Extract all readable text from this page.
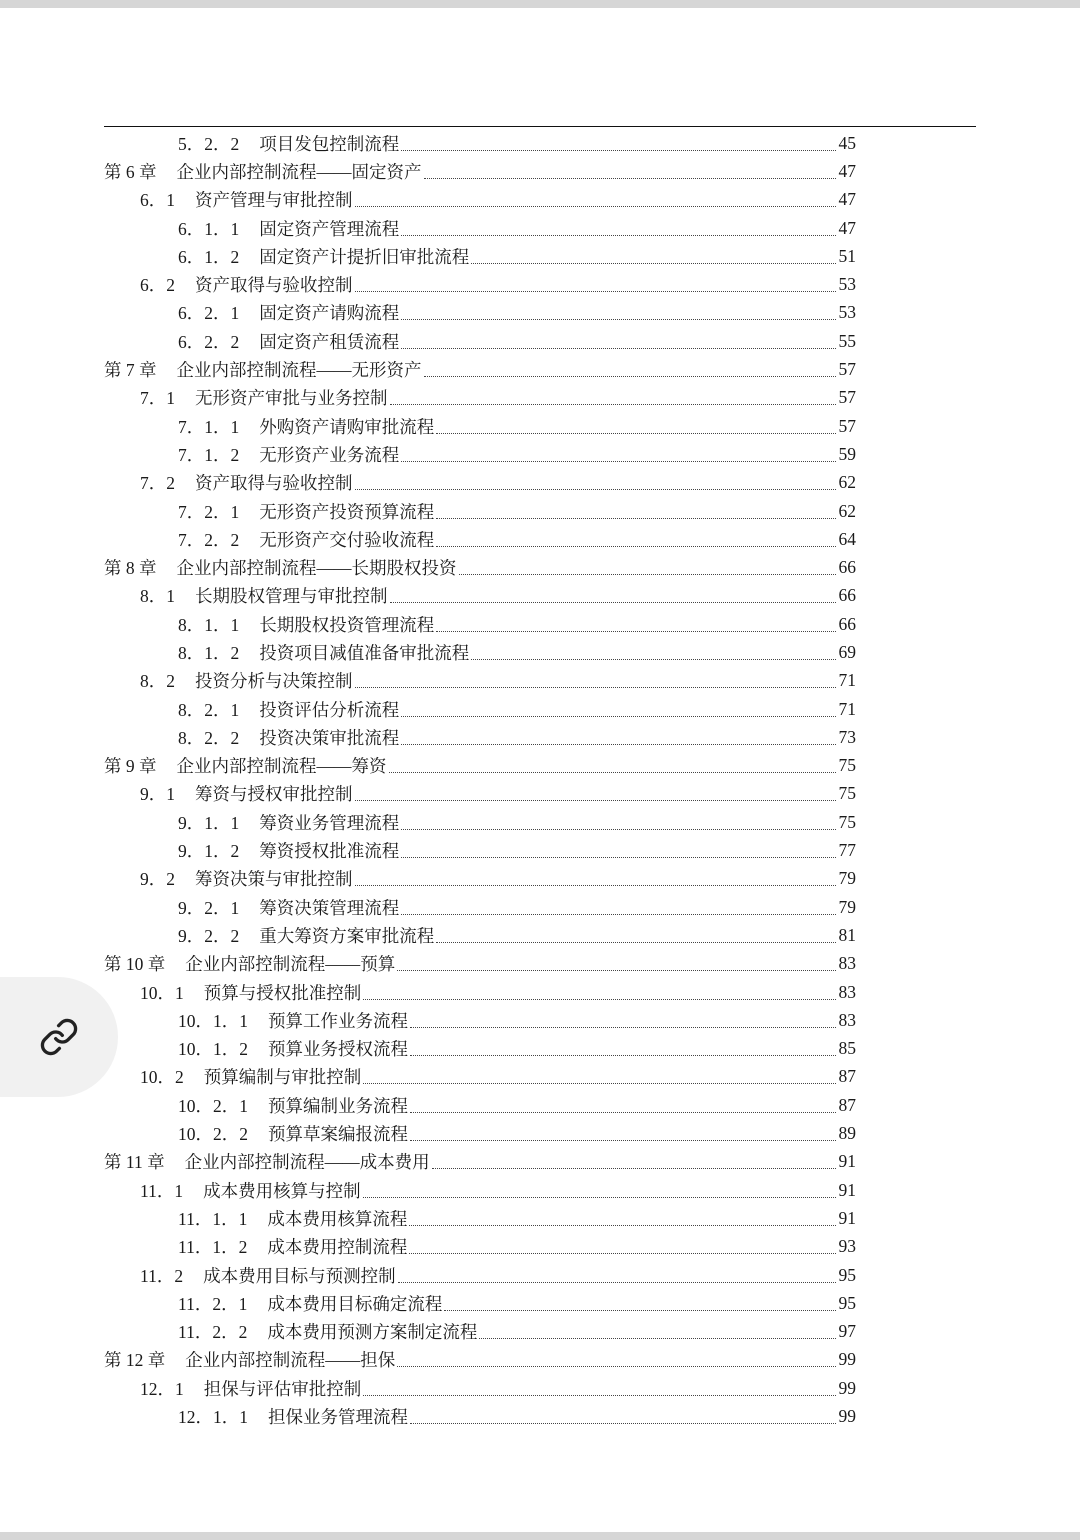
5．2．2 项目发包控制流程	45
第 6 章 企业内部控制流程——固定资产	47
6．1 资产管理与审批控制	47
6．1．1 固定资产管理流程	47
6．1．2 固定资产计提折旧审批流程	51
6．2 资产取得与验收控制	53
6．2．1 固定资产请购流程	53
6．2．2 固定资产租赁流程	55
第 7 章 企业内部控制流程——无形资产	57
7．1 无形资产审批与业务控制	57
7．1．1 外购资产请购审批流程	57
7．1．2 无形资产业务流程	59
7．2 资产取得与验收控制	62
7．2．1 无形资产投资预算流程	62
7．2．2 无形资产交付验收流程	64
第 8 章 企业内部控制流程——长期股权投资	66
8．1 长期股权管理与审批控制	66
8．1．1 长期股权投资管理流程	66
8．1．2 投资项目减值准备审批流程	69
8．2 投资分析与决策控制	71
8．2．1 投资评估分析流程	71
8．2．2 投资决策审批流程	73
第 9 章 企业内部控制流程——筹资	75
9．1 筹资与授权审批控制	75
9．1．1 筹资业务管理流程	75
9．1．2 筹资授权批准流程	77
9．2 筹资决策与审批控制	79
9．2．1 筹资决策管理流程	79
9．2．2 重大筹资方案审批流程	81
第 10 章 企业内部控制流程——预算	83
10．1 预算与授权批准控制	83
10．1．1 预算工作业务流程	83
10．1．2 预算业务授权流程	85
10．2 预算编制与审批控制	87
10．2．1 预算编制业务流程	87
10．2．2 预算草案编报流程	89
第 11 章 企业内部控制流程——成本费用	91
11．1 成本费用核算与控制	91
11．1．1 成本费用核算流程	91
11．1．2 成本费用控制流程	93
11．2 成本费用目标与预测控制	95
11．2．1 成本费用目标确定流程	95
11．2．2 成本费用预测方案制定流程	97
第 12 章 企业内部控制流程——担保	99
12．1 担保与评估审批控制	99
12．1．1 担保业务管理流程	99
